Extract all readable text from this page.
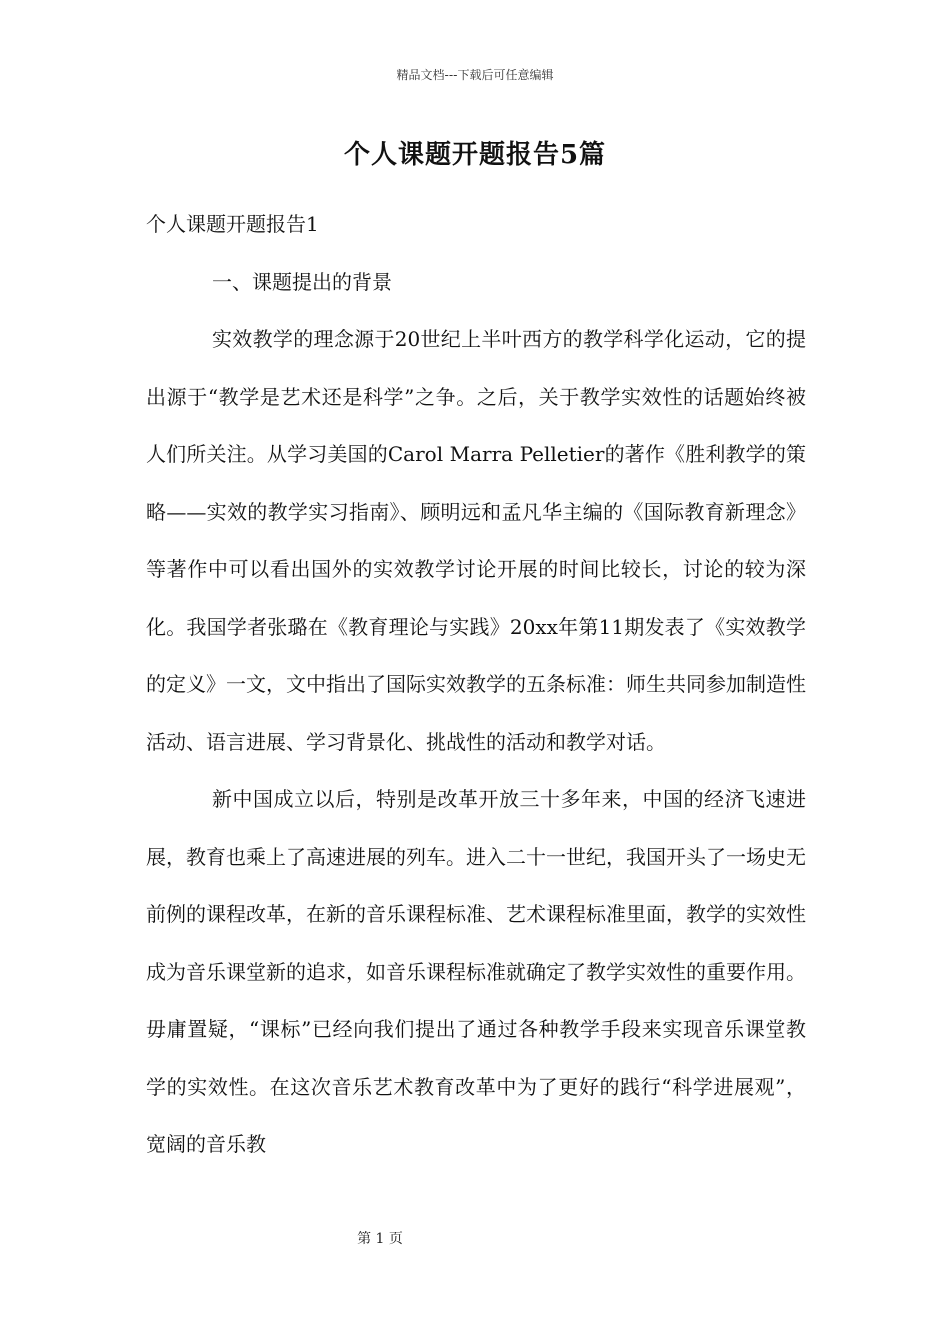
精品文档---下载后可任意编辑
个人课题开题报告5篇

个人课题开题报告1

一、课题提出的背景

实效教学的理念源于20世纪上半叶西方的教学科学化运动，它的提出源于“教学是艺术还是科学”之争。之后，关于教学实效性的话题始终被人们所关注。从学习美国的Carol Marra Pelletier的著作《胜利教学的策略——实效的教学实习指南》、顾明远和孟凡华主编的《国际教育新理念》等著作中可以看出国外的实效教学讨论开展的时间比较长，讨论的较为深化。我国学者张璐在《教育理论与实践》20xx年第11期发表了《实效教学的定义》一文，文中指出了国际实效教学的五条标准：师生共同参加制造性活动、语言进展、学习背景化、挑战性的活动和教学对话。

新中国成立以后，特别是改革开放三十多年来，中国的经济飞速进展，教育也乘上了高速进展的列车。进入二十一世纪，我国开头了一场史无前例的课程改革，在新的音乐课程标准、艺术课程标准里面，教学的实效性成为音乐课堂新的追求，如音乐课程标准就确定了教学实效性的重要作用。毋庸置疑，“课标”已经向我们提出了通过各种教学手段来实现音乐课堂教学的实效性。在这次音乐艺术教育改革中为了更好的践行“科学进展观”，宽阔的音乐教

第 1 页
